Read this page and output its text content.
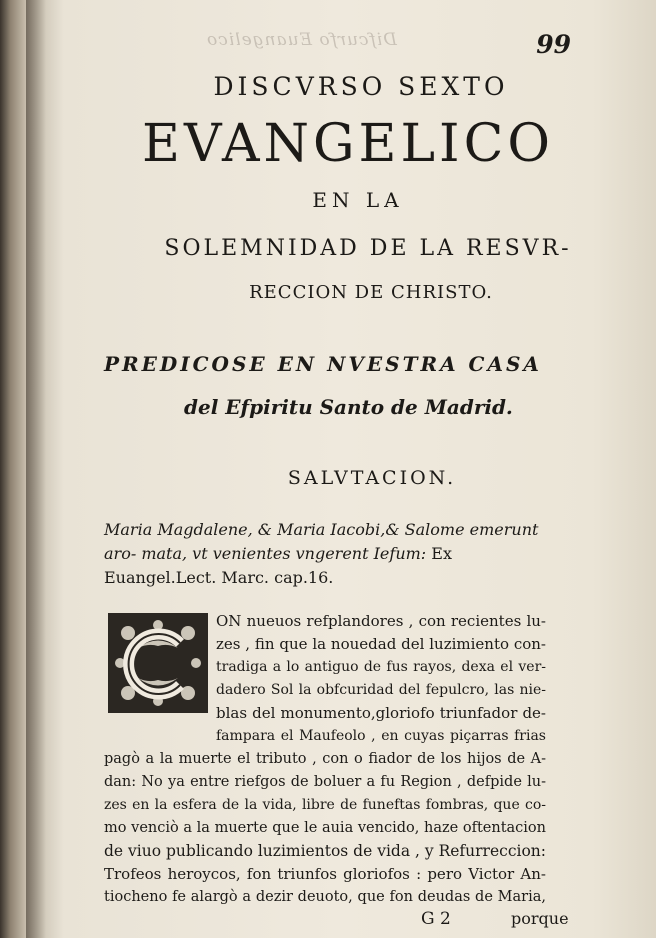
Difcurfo Euangelico	99
DISCVRSO SEXTO
EVANGELICO
EN LA
SOLEMNIDAD DE LA RESVR-
RECCION DE CHRISTO.
PREDICOSE EN NVESTRA CASA
del Efpiritu Santo de Madrid.
SALVTACION.
Maria Magdalene, & Maria Iacobi,& Salome emerunt aro- mata, vt venientes vngerent Iefum: Ex Euangel.Lect. Marc. cap.16.
ON nueuos refplandores , con recientes lu-
zes , fin que la nouedad del luzimiento con-
tradiga a lo antiguo de fus rayos, dexa el ver-
dadero Sol la obfcuridad del fepulcro, las nie-
blas del monumento,gloriofo triunfador de-
fampara el Maufeolo , en cuyas piçarras frias
pagò a la muerte el tributo , con o fiador de los hijos de A-
dan: No ya entre riefgos de boluer a fu Region , defpide lu-
zes en la esfera de la vida, libre de funeftas fombras, que co-
mo venciò a la muerte que le auia vencido, haze oftentacion
de viuo publicando luzimientos de vida , y Refurreccion:
Trofeos heroycos, fon triunfos gloriofos : pero Victor An-
tiocheno fe alargò a dezir deuoto, que fon deudas de Maria,
G 2	porque
